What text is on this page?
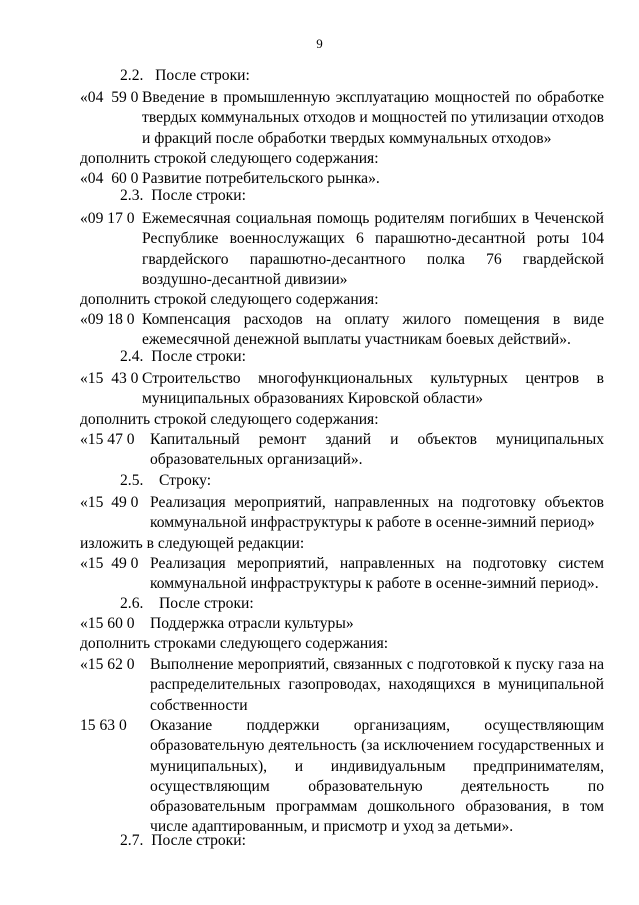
9
2.2. После строки:
«04  59 0 Введение в промышленную эксплуатацию мощностей по обработке твердых коммунальных отходов и мощностей по утилизации отходов и фракций после обработки твердых коммунальных отходов»
дополнить строкой следующего содержания:
«04  60 0 Развитие потребительского рынка».
2.3. После строки:
«09 17 0 Ежемесячная социальная помощь родителям погибших в Чеченской Республике военнослужащих 6 парашютно-десантной роты 104 гвардейского парашютно-десантного полка 76 гвардейской воздушно-десантной дивизии»
дополнить строкой следующего содержания:
«09 18 0 Компенсация расходов на оплату жилого помещения в виде ежемесячной денежной выплаты участникам боевых действий».
2.4. После строки:
«15  43 0 Строительство многофункциональных культурных центров в муниципальных образованиях Кировской области»
дополнить строкой следующего содержания:
«15 47 0 Капитальный ремонт зданий и объектов муниципальных образовательных организаций».
2.5. Строку:
«15  49 0 Реализация мероприятий, направленных на подготовку объектов коммунальной инфраструктуры к работе в осенне-зимний период»
изложить в следующей редакции:
«15  49 0 Реализация мероприятий, направленных на подготовку систем коммунальной инфраструктуры к работе в осенне-зимний период».
2.6. После строки:
«15 60 0 Поддержка отрасли культуры»
дополнить строками следующего содержания:
«15 62 0 Выполнение мероприятий, связанных с подготовкой к пуску газа на распределительных газопроводах, находящихся в муниципальной собственности
15 63 0 Оказание поддержки организациям, осуществляющим образовательную деятельность (за исключением государственных и муниципальных), и индивидуальным предпринимателям, осуществляющим образовательную деятельность по образовательным программам дошкольного образования, в том числе адаптированным, и присмотр и уход за детьми».
2.7. После строки:
